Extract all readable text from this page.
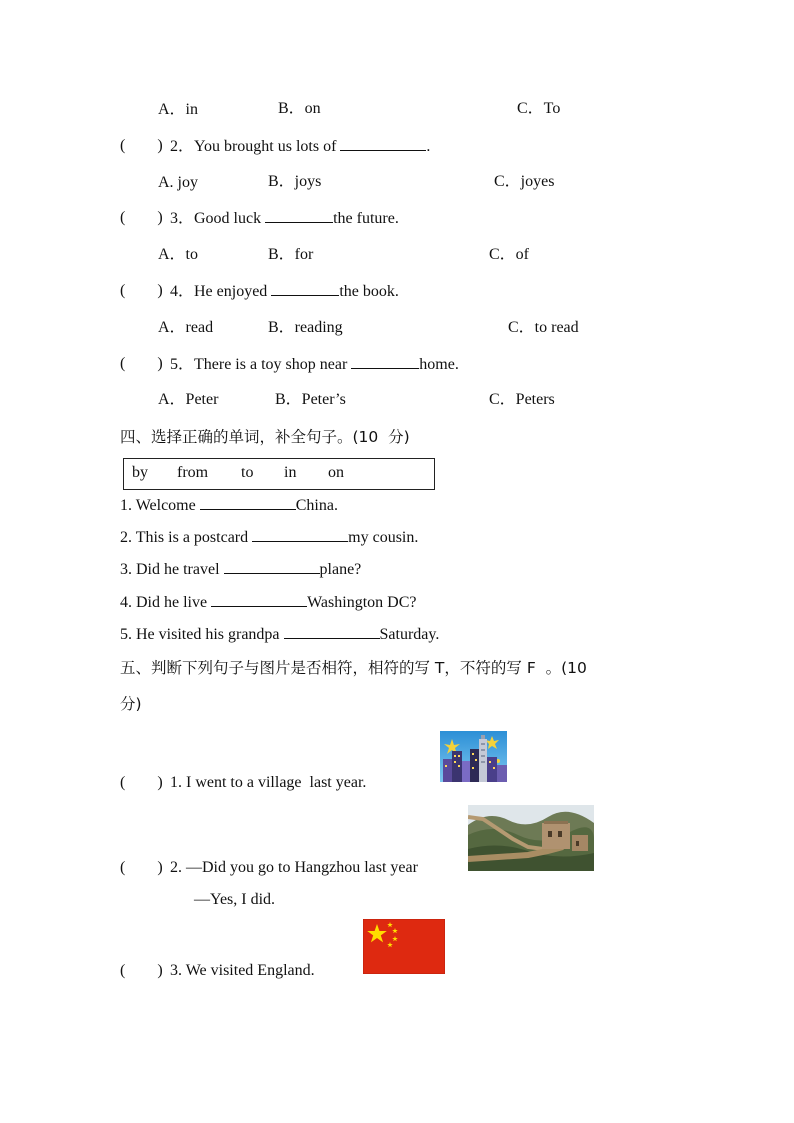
A．in	B．on	C．To
(        ) 2．You brought us lots of	.
A. joy	B．joys	C．joyes
(        ) 3．Good luck	the future.
A．to	B．for	C．of
(        ) 4．He enjoyed	the book.
A．read	B．reading	C．to read
(        ) 5．There is a toy shop near	home.
A．Peter	B．Peter’s	C．Peters
四、选择正确的单词，补全句子。(10  分)
by from to in on
1. Welcome	China.
2. This is a postcard	my cousin.
3. Did he travel	plane?
4. Did he live	Washington DC?
5. He visited his grandpa	Saturday.
五、判断下列句子与图片是否相符，相符的写 T，不符的写 F  。(10
分)
(        ) 1. I went to a village  last year.
(        ) 2. —Did you go to Hangzhou last year
—Yes, I did.
(        ) 3. We visited England.
